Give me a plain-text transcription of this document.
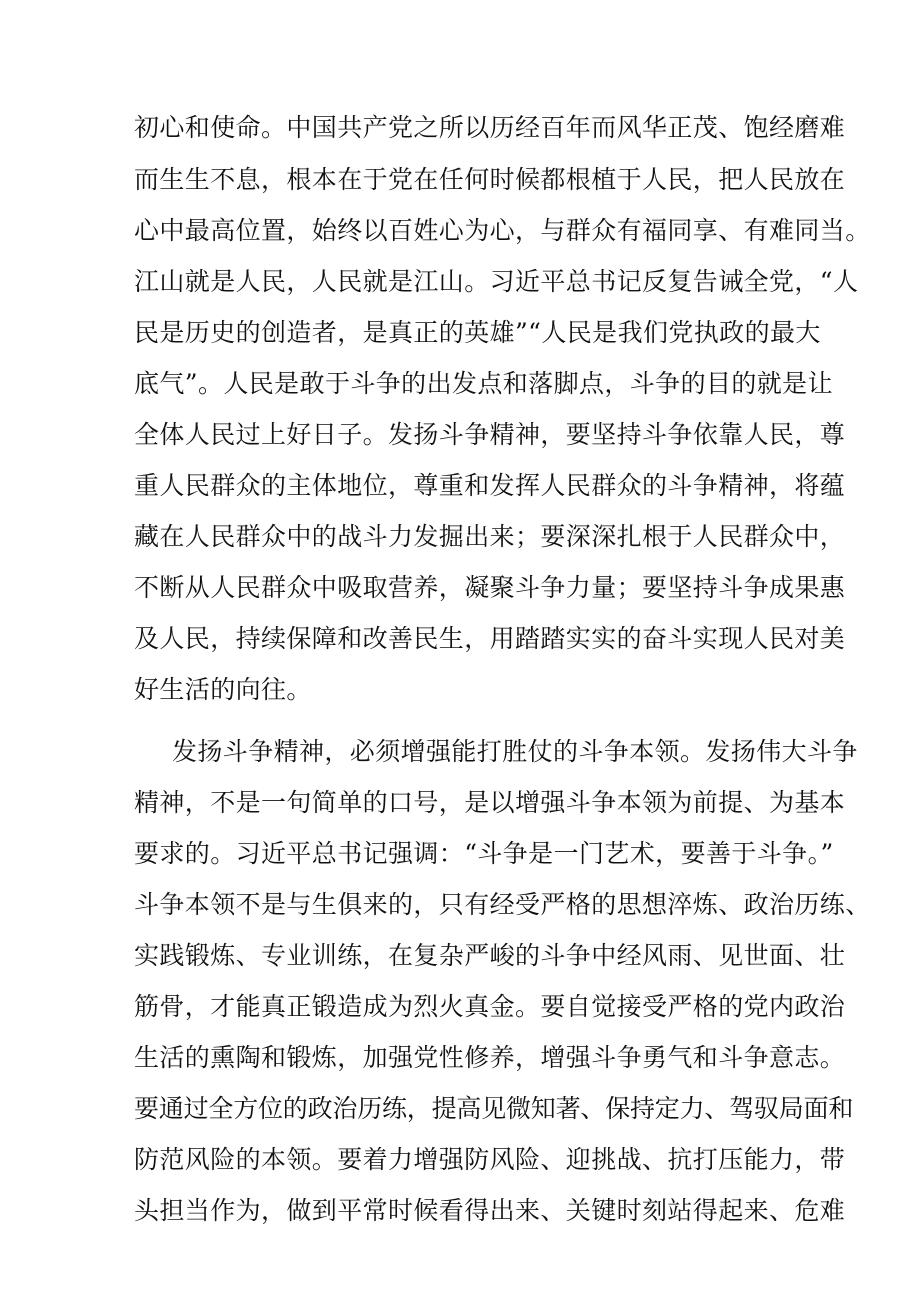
初心和使命。中国共产党之所以历经百年而风华正茂、饱经磨难
而生生不息，根本在于党在任何时候都根植于人民，把人民放在
心中最高位置，始终以百姓心为心，与群众有福同享、有难同当。
江山就是人民，人民就是江山。习近平总书记反复告诫全党，“人
民是历史的创造者，是真正的英雄”“人民是我们党执政的最大
底气”。人民是敢于斗争的出发点和落脚点，斗争的目的就是让
全体人民过上好日子。发扬斗争精神，要坚持斗争依靠人民，尊
重人民群众的主体地位，尊重和发挥人民群众的斗争精神，将蕴
藏在人民群众中的战斗力发掘出来；要深深扎根于人民群众中，
不断从人民群众中吸取营养，凝聚斗争力量；要坚持斗争成果惠
及人民，持续保障和改善民生，用踏踏实实的奋斗实现人民对美
好生活的向往。
发扬斗争精神，必须增强能打胜仗的斗争本领。发扬伟大斗争
精神，不是一句简单的口号，是以增强斗争本领为前提、为基本
要求的。习近平总书记强调：“斗争是一门艺术，要善于斗争。”
斗争本领不是与生俱来的，只有经受严格的思想淬炼、政治历练、
实践锻炼、专业训练，在复杂严峻的斗争中经风雨、见世面、壮
筋骨，才能真正锻造成为烈火真金。要自觉接受严格的党内政治
生活的熏陶和锻炼，加强党性修养，增强斗争勇气和斗争意志。
要通过全方位的政治历练，提高见微知著、保持定力、驾驭局面和
防范风险的本领。要着力增强防风险、迎挑战、抗打压能力，带
头担当作为，做到平常时候看得出来、关键时刻站得起来、危难
